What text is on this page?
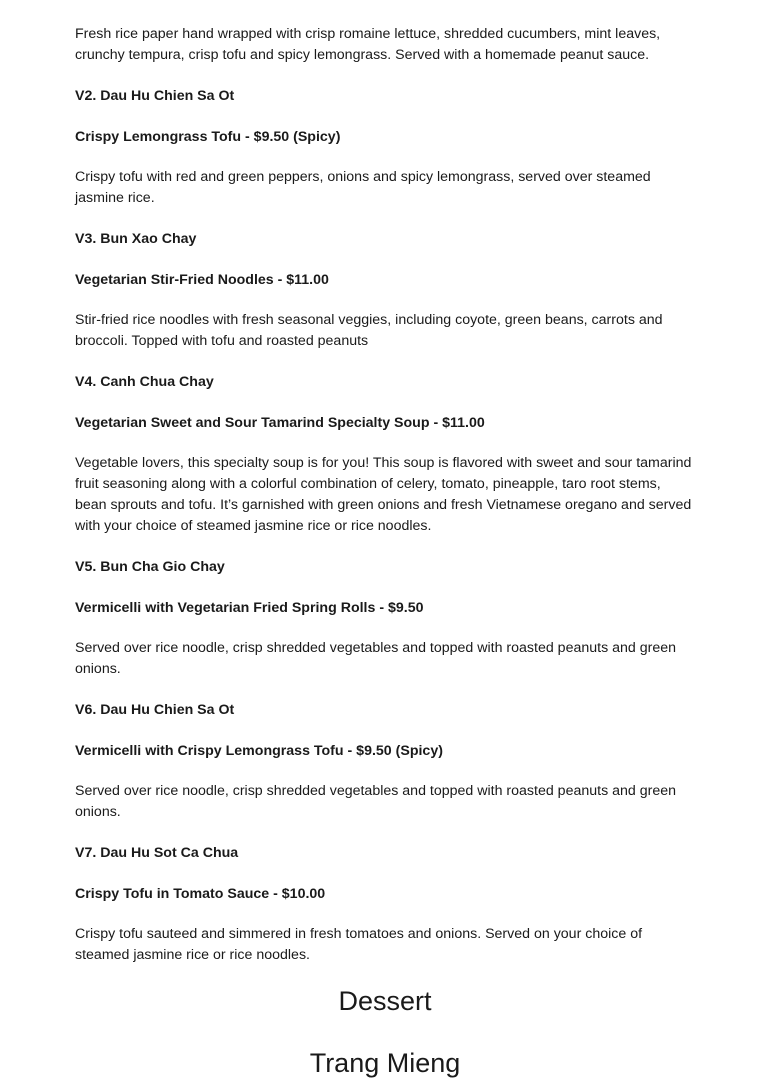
Fresh rice paper hand wrapped with crisp romaine lettuce, shredded cucumbers, mint leaves, crunchy tempura, crisp tofu and spicy lemongrass. Served with a homemade peanut sauce.

V2. Dau Hu Chien Sa Ot

Crispy Lemongrass Tofu - $9.50 (Spicy)

Crispy tofu with red and green peppers, onions and spicy lemongrass, served over steamed jasmine rice.

V3. Bun Xao Chay

Vegetarian Stir-Fried Noodles - $11.00

Stir-fried rice noodles with fresh seasonal veggies, including coyote, green beans, carrots and broccoli. Topped with tofu and roasted peanuts

V4. Canh Chua Chay

Vegetarian Sweet and Sour Tamarind Specialty Soup - $11.00

Vegetable lovers, this specialty soup is for you! This soup is flavored with sweet and sour tamarind fruit seasoning along with a colorful combination of celery, tomato, pineapple, taro root stems, bean sprouts and tofu. It’s garnished with green onions and fresh Vietnamese oregano and served with your choice of steamed jasmine rice or rice noodles.

V5. Bun Cha Gio Chay

Vermicelli with Vegetarian Fried Spring Rolls - $9.50

Served over rice noodle, crisp shredded vegetables and topped with roasted peanuts and green onions.

V6. Dau Hu Chien Sa Ot

Vermicelli with Crispy Lemongrass Tofu - $9.50 (Spicy)

Served over rice noodle, crisp shredded vegetables and topped with roasted peanuts and green onions.

V7. Dau Hu Sot Ca Chua

Crispy Tofu in Tomato Sauce - $10.00

Crispy tofu sauteed and simmered in fresh tomatoes and onions. Served on your choice of steamed jasmine rice or rice noodles.

Dessert
Trang Mieng
